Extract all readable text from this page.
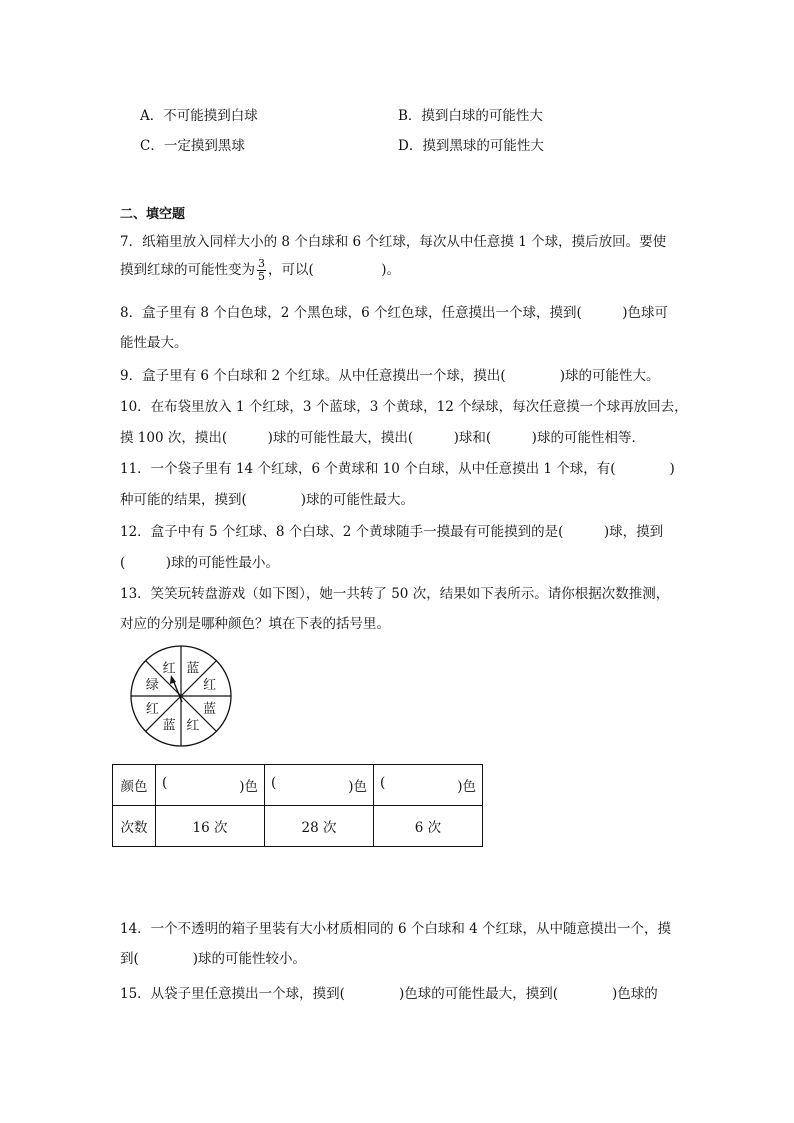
A．不可能摸到白球	B．摸到白球的可能性大
C．一定摸到黑球	D．摸到黑球的可能性大
二、填空题
7．纸箱里放入同样大小的 8 个白球和 6 个红球，每次从中任意摸 1 个球，摸后放回。要使
摸到红球的可能性变为 $\frac{3}{5}$ ，可以(　　　　　)。
8．盒子里有 8 个白色球，2 个黑色球，6 个红色球，任意摸出一个球，摸到(　　　)色球可
能性最大。
9．盒子里有 6 个白球和 2 个红球。从中任意摸出一个球，摸出(　　　　)球的可能性大。
10．在布袋里放入 1 个红球，3 个蓝球，3 个黄球，12 个绿球，每次任意摸一个球再放回去，
摸 100 次，摸出(　　　)球的可能性最大，摸出(　　　)球和(　　　)球的可能性相等．
11．一个袋子里有 14 个红球，6 个黄球和 10 个白球，从中任意摸出 1 个球，有(　　　　)
种可能的结果，摸到(　　　　)球的可能性最大。
12．盒子中有 5 个红球、8 个白球、2 个黄球随手一摸最有可能摸到的是(　　　)球，摸到
(　　　)球的可能性最小。
13．笑笑玩转盘游戏（如下图），她一共转了 50 次，结果如下表所示。请你根据次数推测，
对应的分别是哪种颜色？填在下表的括号里。
红 蓝
红
蓝
红
蓝
红
绿
颜色	( )色	( )色	( )色

次数	16 次	28 次	6 次
14．一个不透明的箱子里装有大小材质相同的 6 个白球和 4 个红球，从中随意摸出一个，摸
到(　　　　)球的可能性较小。
15．从袋子里任意摸出一个球，摸到(　　　　)色球的可能性最大，摸到(　　　　)色球的
